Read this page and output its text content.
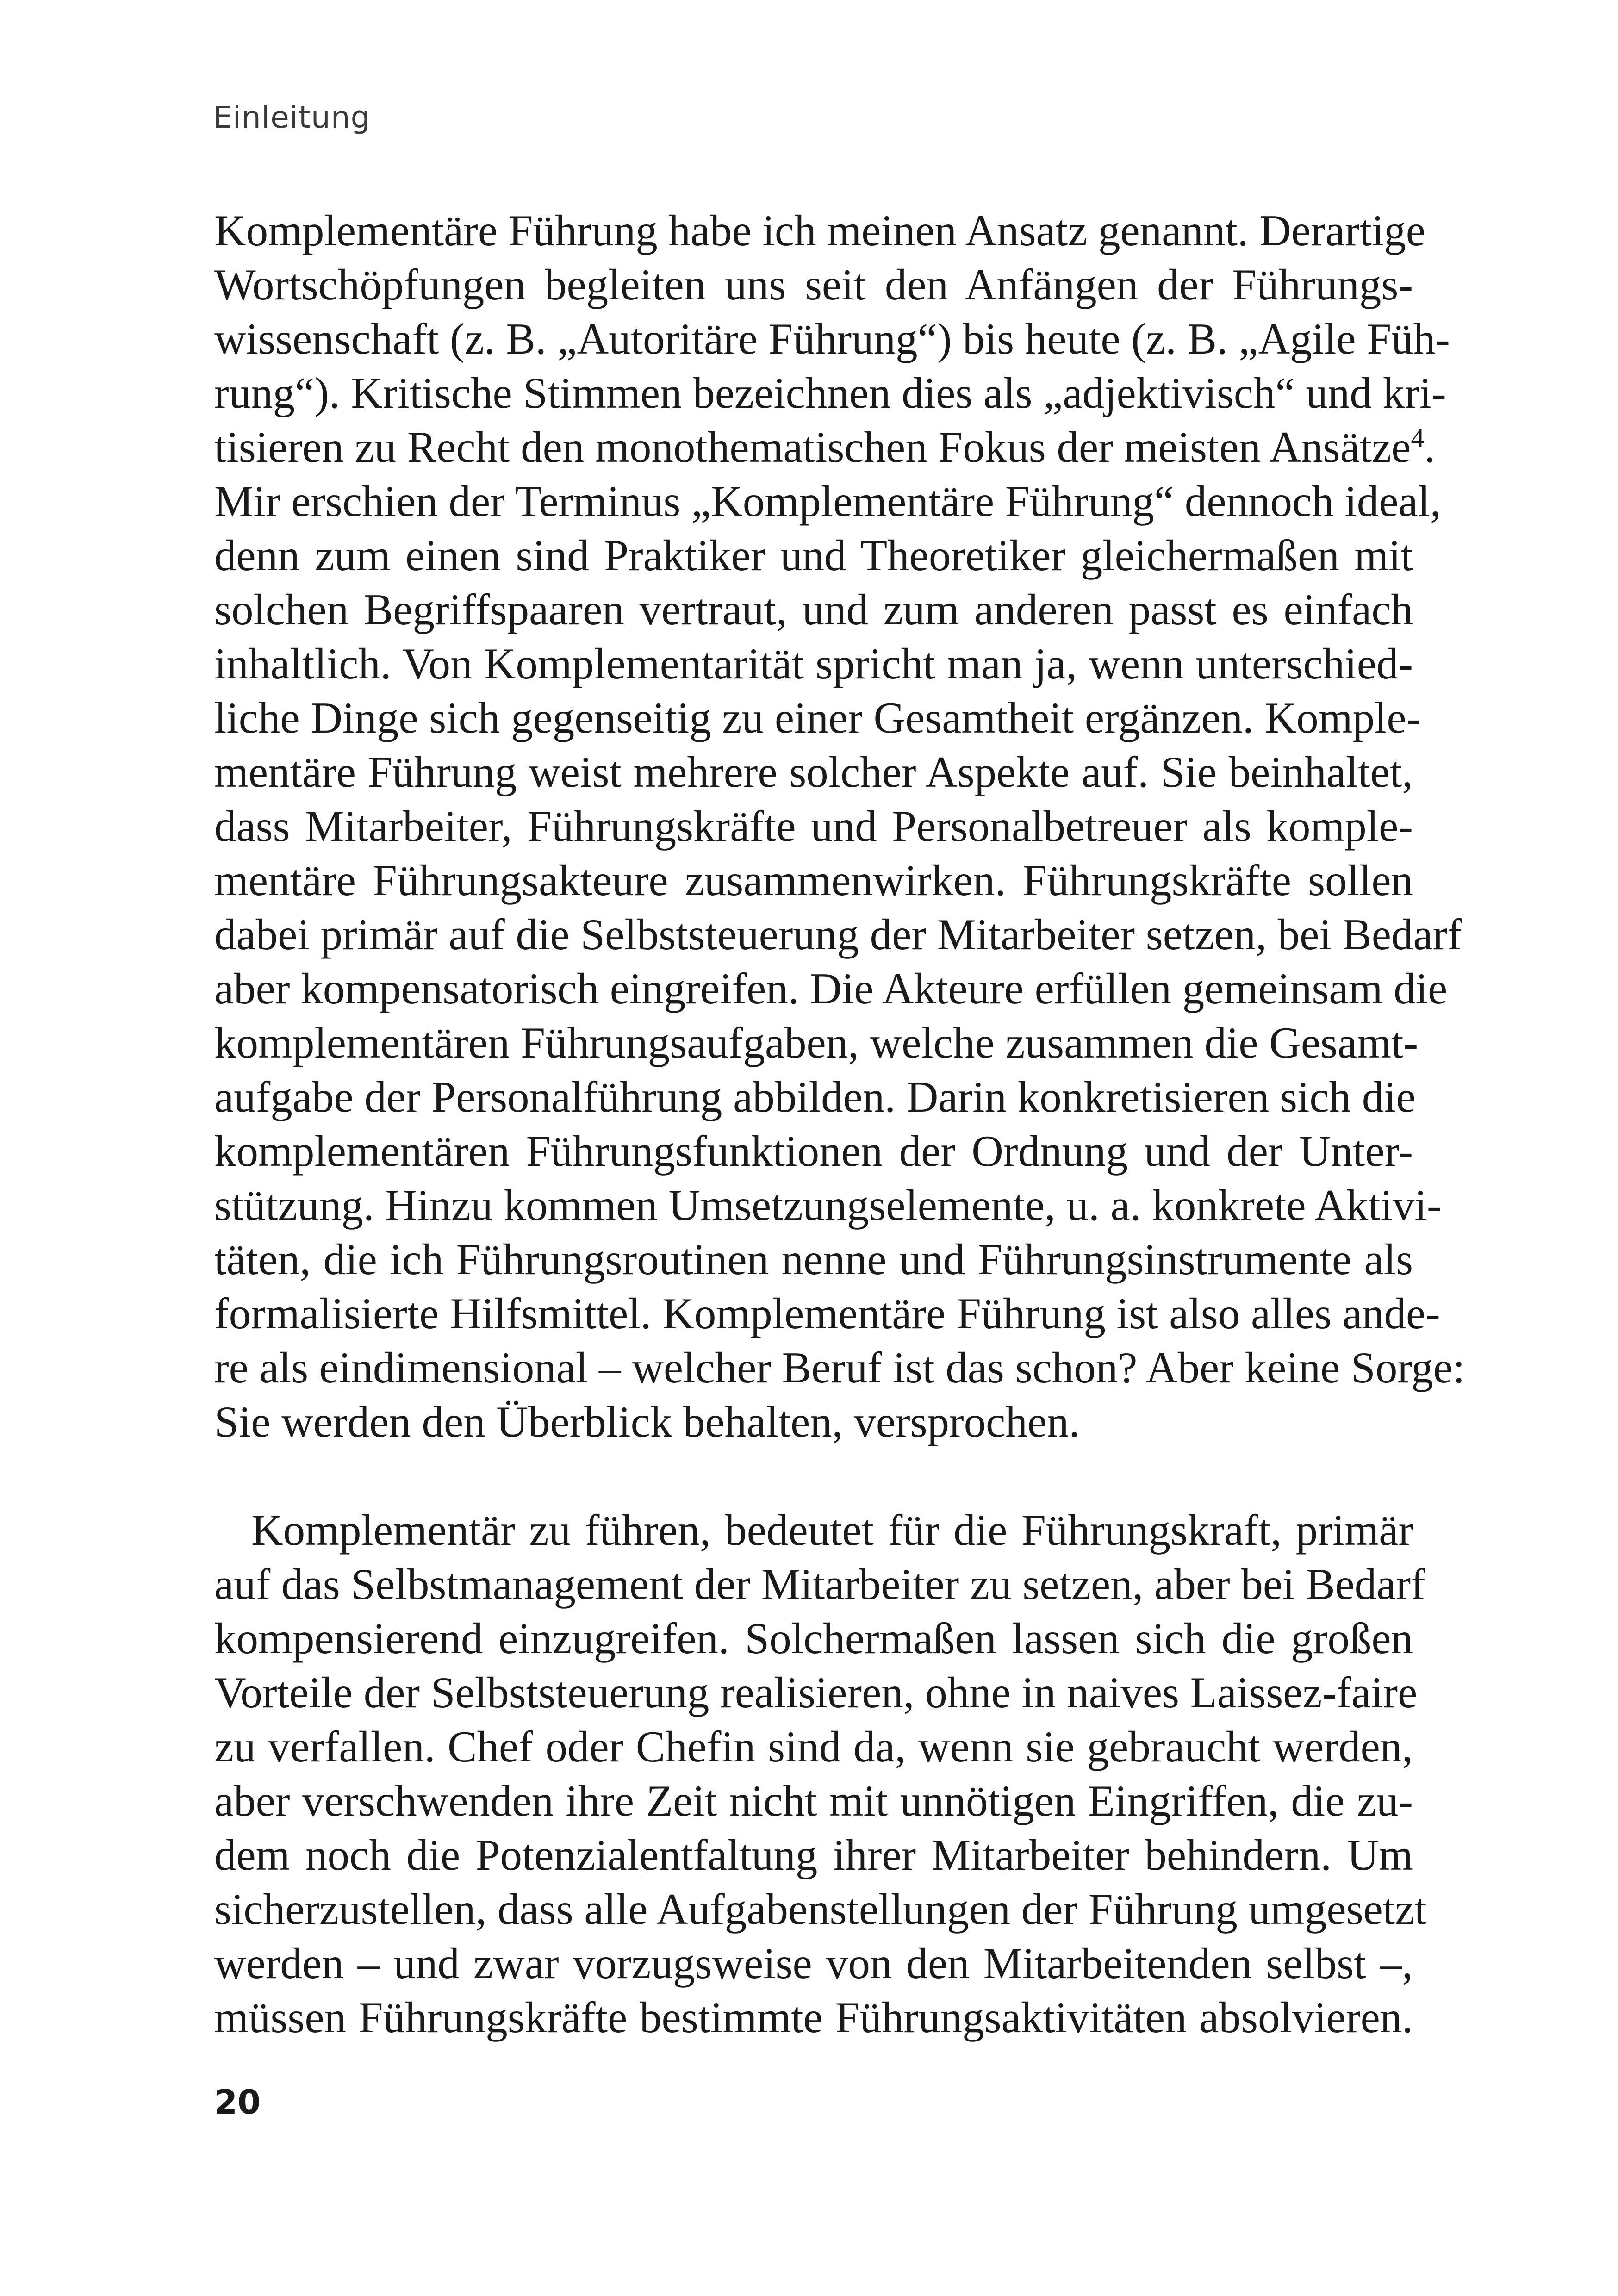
Einleitung
Komplementäre Führung habe ich meinen Ansatz genannt. Derartige
Wortschöpfungen begleiten uns seit den Anfängen der Führungs-
wissenschaft (z. B. „Autoritäre Führung“) bis heute (z. B. „Agile Füh-
rung“). Kritische Stimmen bezeichnen dies als „adjektivisch“ und kri-
tisieren zu Recht den monothematischen Fokus der meisten Ansätze$^4$.
Mir erschien der Terminus „Komplementäre Führung“ dennoch ideal,
denn zum einen sind Praktiker und Theoretiker gleichermaßen mit
solchen Begriffspaaren vertraut, und zum anderen passt es einfach
inhaltlich. Von Komplementarität spricht man ja, wenn unterschied-
liche Dinge sich gegenseitig zu einer Gesamtheit ergänzen. Komple-
mentäre Führung weist mehrere solcher Aspekte auf. Sie beinhaltet,
dass Mitarbeiter, Führungskräfte und Personalbetreuer als komple-
mentäre Führungsakteure zusammenwirken. Führungskräfte sollen
dabei primär auf die Selbststeuerung der Mitarbeiter setzen, bei Bedarf
aber kompensatorisch eingreifen. Die Akteure erfüllen gemeinsam die
komplementären Führungsaufgaben, welche zusammen die Gesamt-
aufgabe der Personalführung abbilden. Darin konkretisieren sich die
komplementären Führungsfunktionen der Ordnung und der Unter-
stützung. Hinzu kommen Umsetzungselemente, u. a. konkrete Aktivi-
täten, die ich Führungsroutinen nenne und Führungsinstrumente als
formalisierte Hilfsmittel. Komplementäre Führung ist also alles ande-
re als eindimensional – welcher Beruf ist das schon? Aber keine Sorge:
Sie werden den Überblick behalten, versprochen.
Komplementär zu führen, bedeutet für die Führungskraft, primär
auf das Selbstmanagement der Mitarbeiter zu setzen, aber bei Bedarf
kompensierend einzugreifen. Solchermaßen lassen sich die großen
Vorteile der Selbststeuerung realisieren, ohne in naives Laissez-faire
zu verfallen. Chef oder Chefin sind da, wenn sie gebraucht werden,
aber verschwenden ihre Zeit nicht mit unnötigen Eingriffen, die zu-
dem noch die Potenzialentfaltung ihrer Mitarbeiter behindern. Um
sicherzustellen, dass alle Aufgabenstellungen der Führung umgesetzt
werden – und zwar vorzugsweise von den Mitarbeitenden selbst –,
müssen Führungskräfte bestimmte Führungsaktivitäten absolvieren.
20
